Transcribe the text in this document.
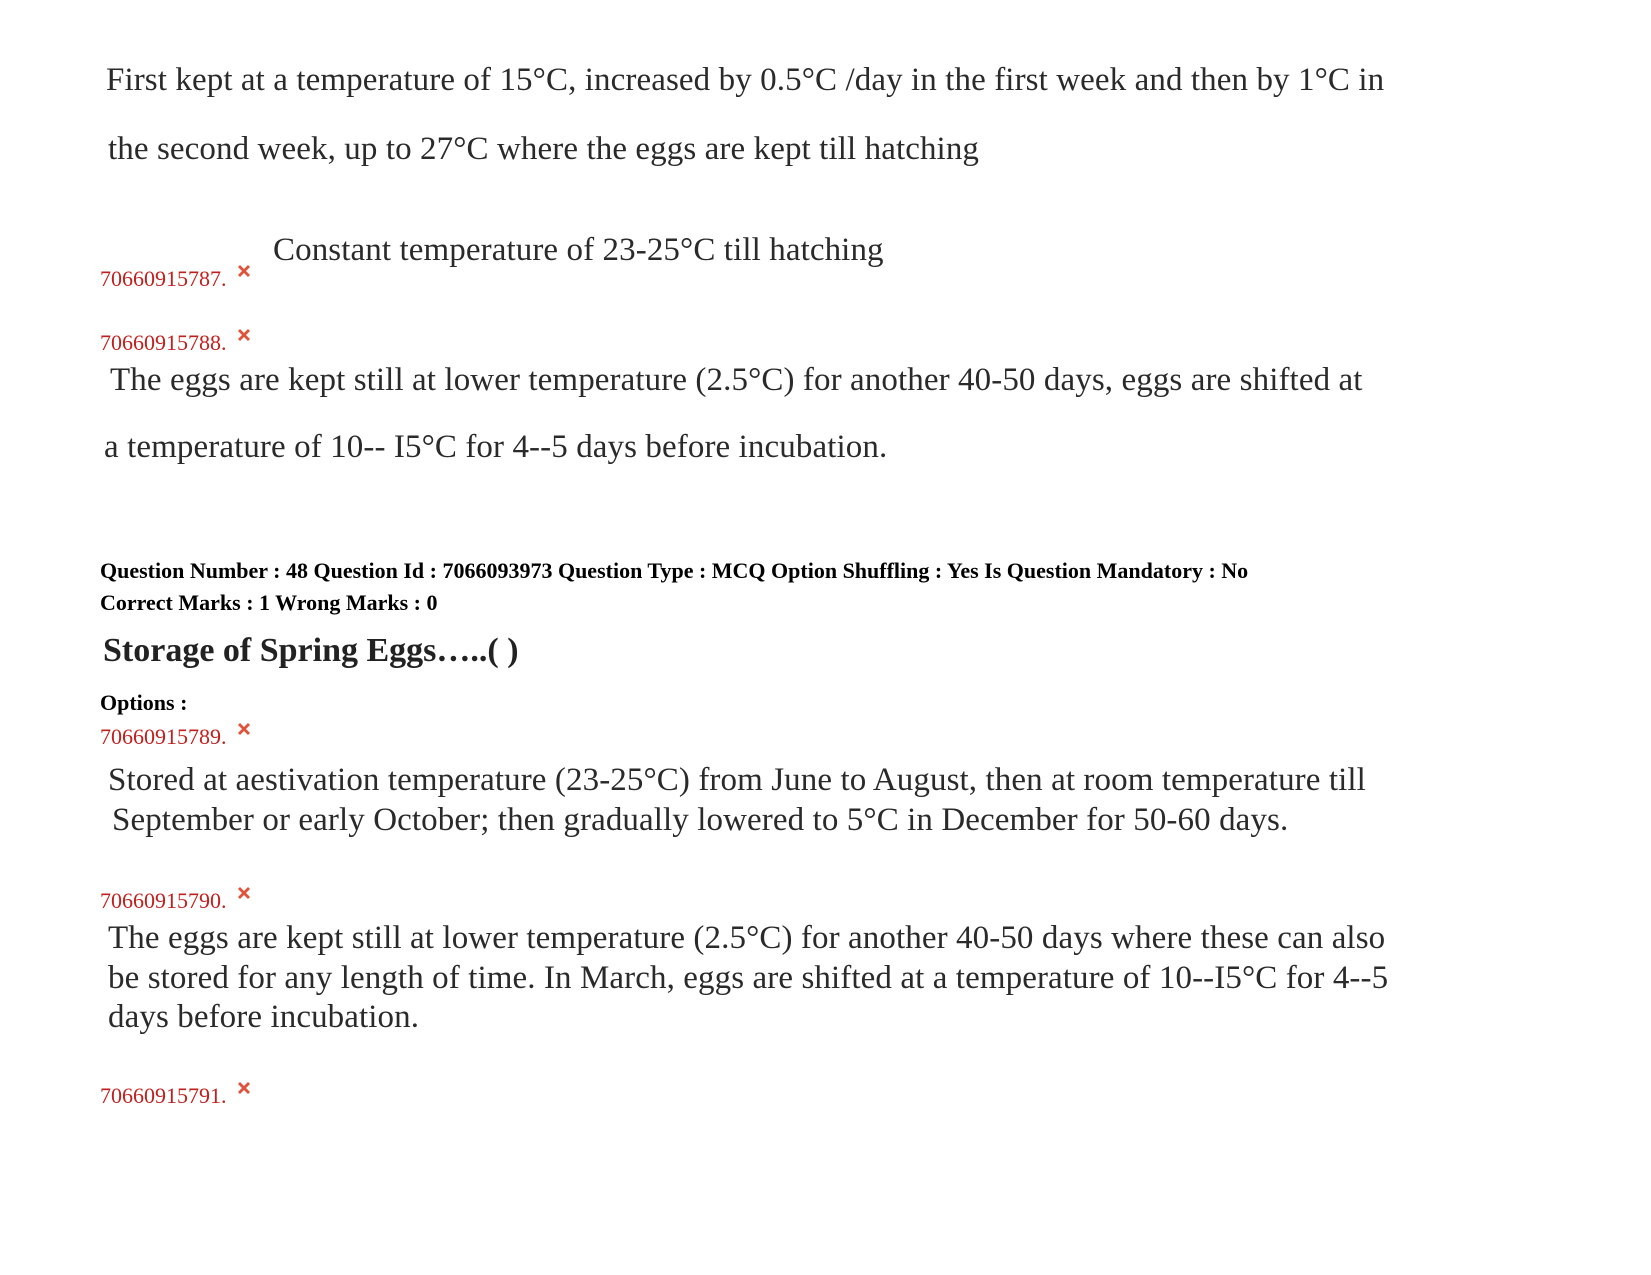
First kept at a temperature of 15°C, increased by 0.5°C /day in the first week and then by 1°C in
the second week, up to 27°C where the eggs are kept till hatching
70660915787.
Constant temperature of 23-25°C till hatching
70660915788.
The eggs are kept still at lower temperature (2.5°C) for another 40-50 days, eggs are shifted at
a temperature of 10-- I5°C for 4--5 days before incubation.
Question Number : 48 Question Id : 7066093973 Question Type : MCQ Option Shuffling : Yes Is Question Mandatory : No
Correct Marks : 1 Wrong Marks : 0
Storage of Spring Eggs…..( )
Options :
70660915789.
Stored at aestivation temperature (23-25°C) from June to August, then at room temperature till
September or early October; then gradually lowered to 5°C in December for 50-60 days.
70660915790.
The eggs are kept still at lower temperature (2.5°C) for another 40-50 days where these can also
be stored for any length of time. In March, eggs are shifted at a temperature of 10--I5°C for 4--5
days before incubation.
70660915791.
